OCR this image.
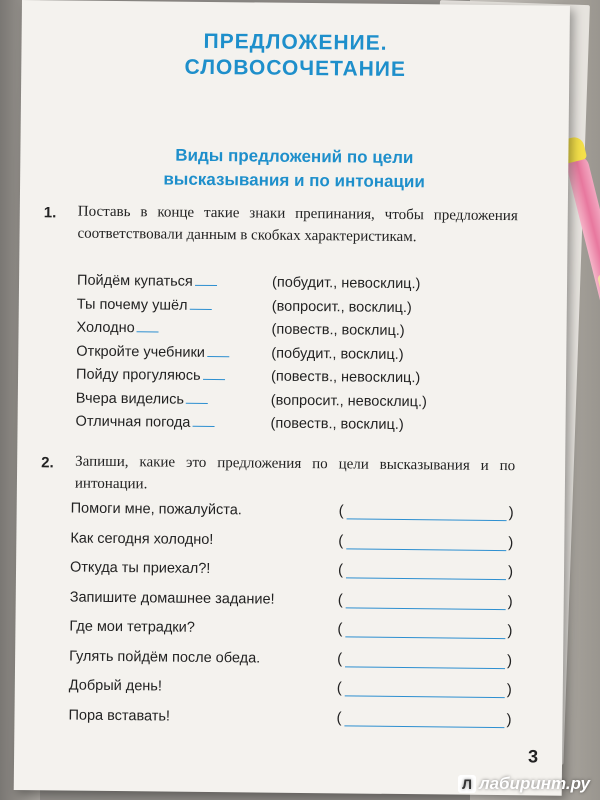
ПРЕДЛОЖЕНИЕ.
СЛОВОСОЧЕТАНИЕ
Виды предложений по цели
высказывания и по интонации
1. Поставь в конце такие знаки препинания, чтобы предложения соответствовали данным в скобках характеристикам.
Пойдём купаться	(побудит., невосклиц.)
Ты почему ушёл	(вопросит., восклиц.)
Холодно	(повеств., восклиц.)
Откройте учебники	(побудит., восклиц.)
Пойду прогуляюсь	(повеств., невосклиц.)
Вчера виделись	(вопросит., невосклиц.)
Отличная погода	(повеств., восклиц.)
2. Запиши, какие это предложения по цели высказывания и по интонации.
Помоги мне, пожалуйста.	(	)
Как сегодня холодно!	(	)
Откуда ты приехал?!	(	)
Запишите домашнее задание!	(	)
Где мои тетрадки?	(	)
Гулять пойдём после обеда.	(	)
Добрый день!	(	)
Пора вставать!	(	)
3
Л лабиринт.ру
